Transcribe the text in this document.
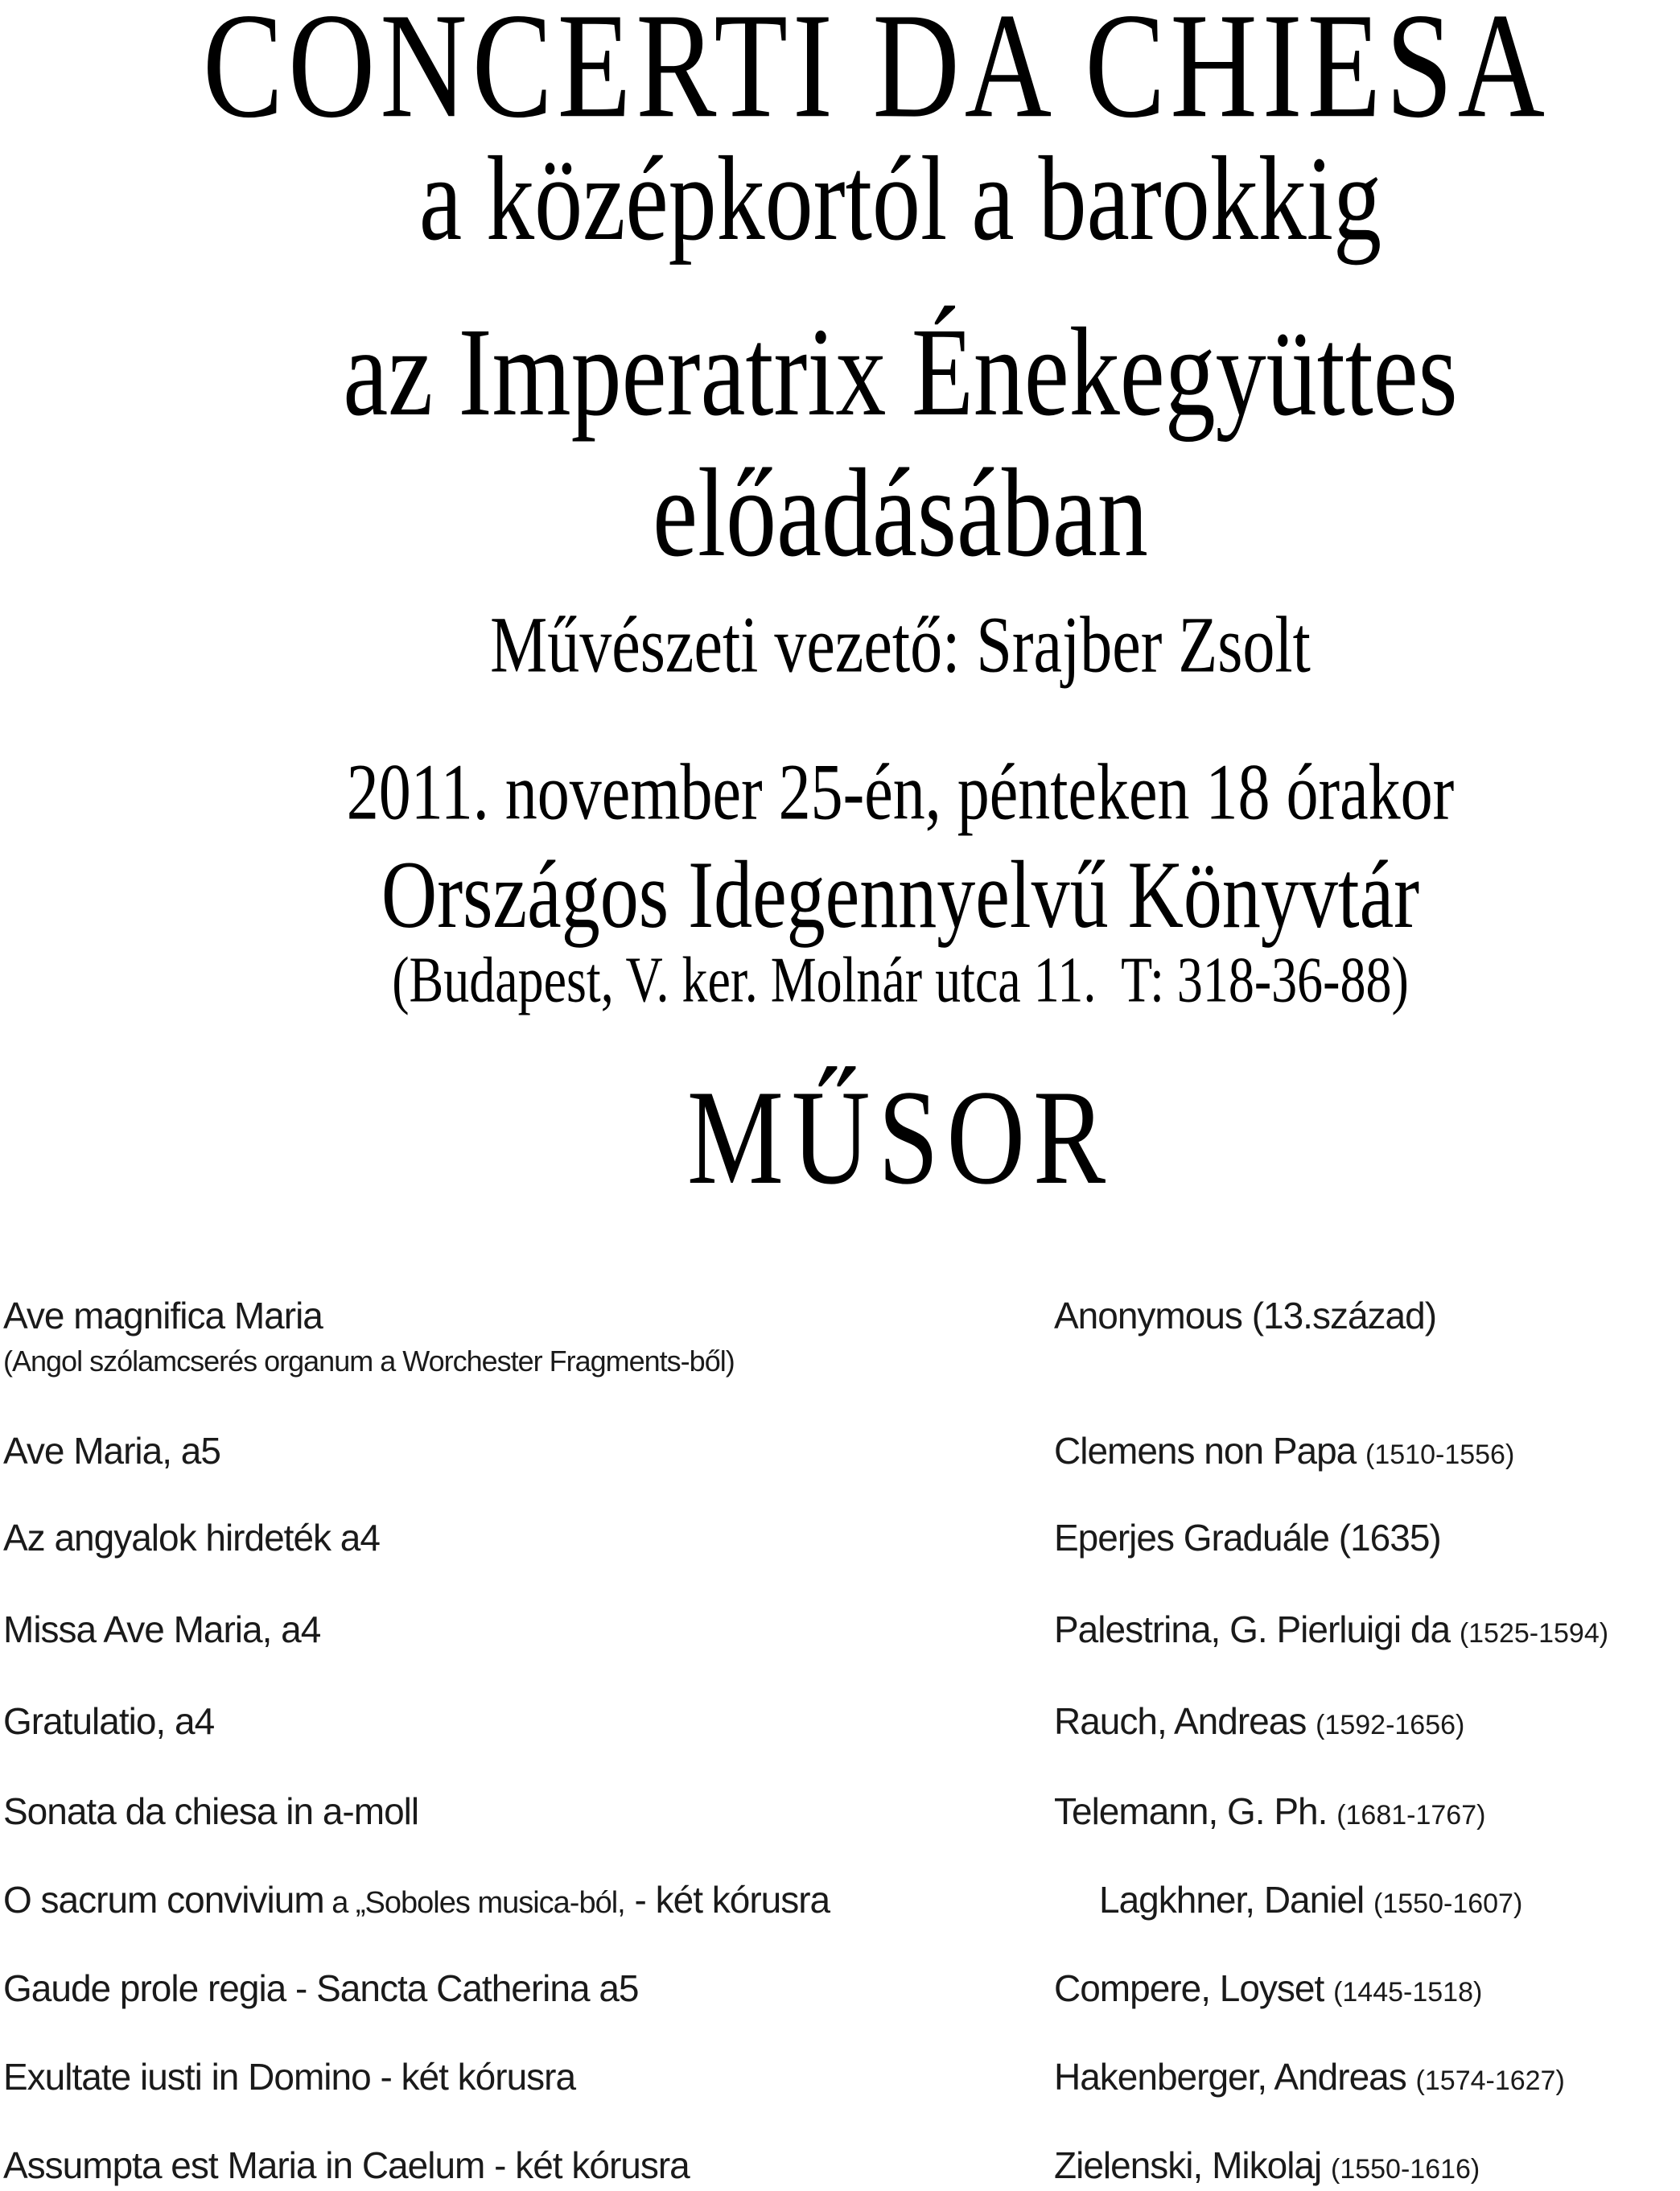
CONCERTI DA CHIESA
a középkortól a barokkig
az Imperatrix Énekegyüttes
előadásában
Művészeti vezető: Srajber Zsolt
2011. november 25-én, pénteken 18 órakor
Országos Idegennyelvű Könyvtár
(Budapest, V. ker. Molnár utca 11.  T: 318-36-88)
MŰSOR
Ave magnifica Maria	Anonymous (13.század)
(Angol szólamcserés organum a Worchester Fragments-ből)
Ave Maria, a5	Clemens non Papa (1510-1556)
Az angyalok hirdeték a4	Eperjes Graduále (1635)
Missa Ave Maria, a4	Palestrina, G. Pierluigi da (1525-1594)
Gratulatio, a4	Rauch, Andreas (1592-1656)
Sonata da chiesa in a-moll	Telemann, G. Ph. (1681-1767)
O sacrum convivium a „Soboles musica-ból, - két kórusra	Lagkhner, Daniel (1550-1607)
Gaude prole regia - Sancta Catherina a5	Compere, Loyset (1445-1518)
Exultate iusti in Domino - két kórusra	Hakenberger, Andreas (1574-1627)
Assumpta est Maria in Caelum - két kórusra	Zielenski, Mikolaj (1550-1616)
